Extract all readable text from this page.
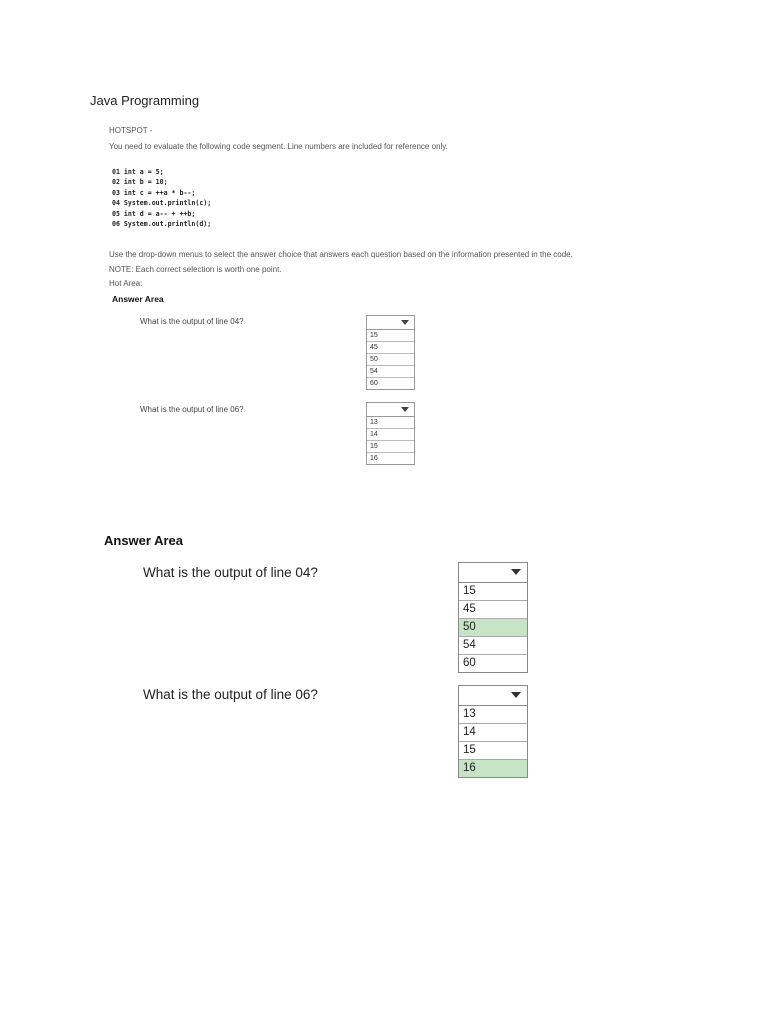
Java Programming
HOTSPOT -
You need to evaluate the following code segment. Line numbers are included for reference only.
01 int a = 5;
02 int b = 10;
03 int c = ++a * b--;
04 System.out.println(c);
05 int d = a-- + ++b;
06 System.out.println(d);
Use the drop-down menus to select the answer choice that answers each question based on the information presented in the code.
NOTE: Each correct selection is worth one point.
Hot Area:
Answer Area
What is the output of line 04?
15
45
50
54
60
What is the output of line 06?
13
14
15
16
Answer Area
What is the output of line 04?
15
45
50
54
60
What is the output of line 06?
13
14
15
16
